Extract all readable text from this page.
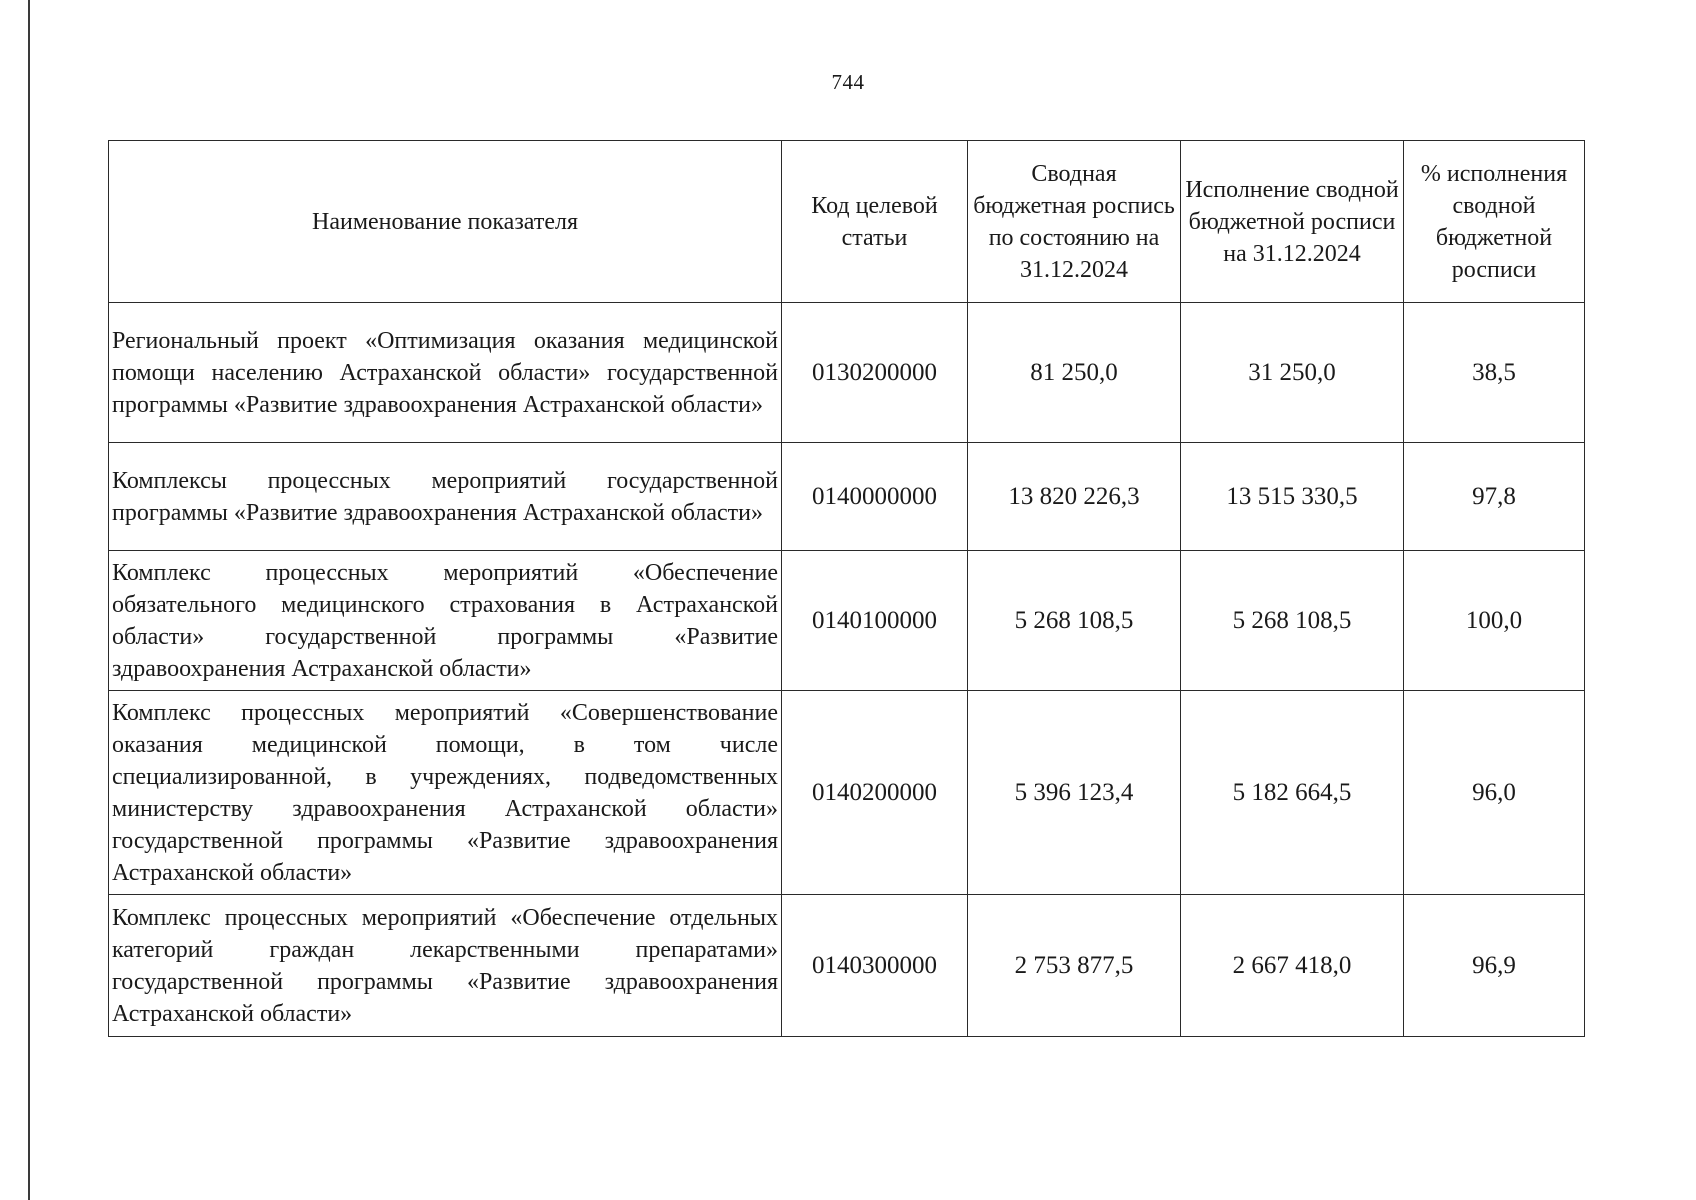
744
Наименование показателя	Код целевой статьи	Сводная бюджетная роспись по состоянию на 31.12.2024	Исполнение сводной бюджетной росписи на 31.12.2024	% исполнения сводной бюджетной росписи
Региональный проект «Оптимизация оказания медицинской помощи населению Астраханской области» государственной программы «Развитие здравоохранения Астраханской области»	0130200000	81 250,0	31 250,0	38,5
Комплексы процессных мероприятий государственной программы «Развитие здравоохранения Астраханской области»	0140000000	13 820 226,3	13 515 330,5	97,8
Комплекс процессных мероприятий «Обеспечение обязательного медицинского страхования в Астраханской области» государственной программы «Развитие здравоохранения Астраханской области»	0140100000	5 268 108,5	5 268 108,5	100,0
Комплекс процессных мероприятий «Совершенствование оказания медицинской помощи, в том числе специализированной, в учреждениях, подведомственных министерству здравоохранения Астраханской области» государственной программы «Развитие здравоохранения Астраханской области»	0140200000	5 396 123,4	5 182 664,5	96,0
Комплекс процессных мероприятий «Обеспечение отдельных категорий граждан лекарственными препаратами» государственной программы «Развитие здравоохранения Астраханской области»	0140300000	2 753 877,5	2 667 418,0	96,9
